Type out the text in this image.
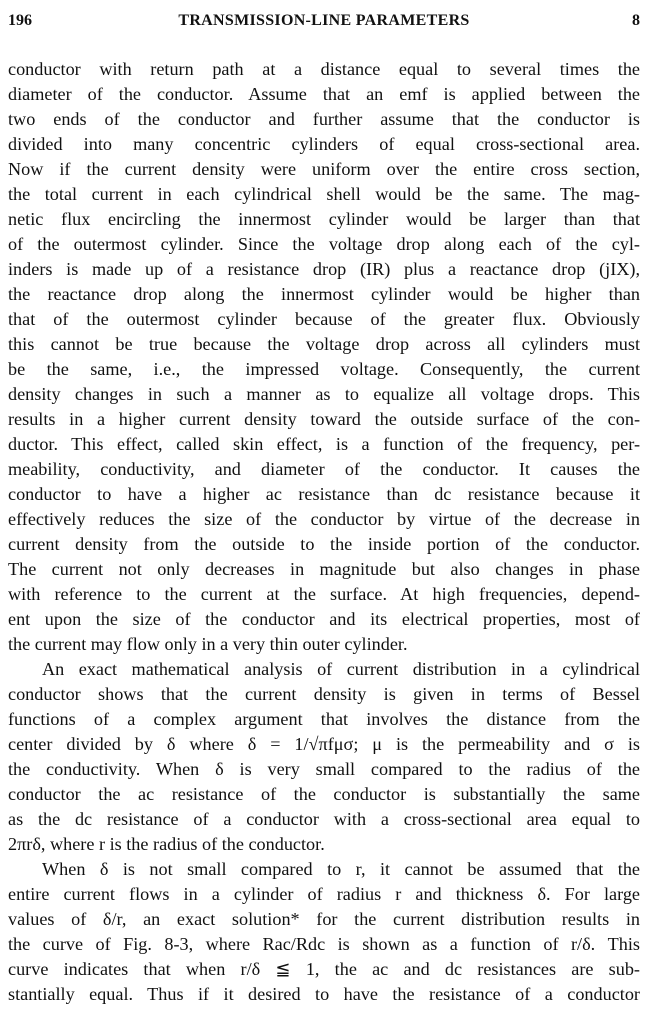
196	TRANSMISSION-LINE PARAMETERS	8
conductor with return path at a distance equal to several times the
diameter of the conductor. Assume that an emf is applied between the
two ends of the conductor and further assume that the conductor is
divided into many concentric cylinders of equal cross-sectional area.
Now if the current density were uniform over the entire cross section,
the total current in each cylindrical shell would be the same. The mag-
netic flux encircling the innermost cylinder would be larger than that
of the outermost cylinder. Since the voltage drop along each of the cyl-
inders is made up of a resistance drop (IR) plus a reactance drop (jIX),
the reactance drop along the innermost cylinder would be higher than
that of the outermost cylinder because of the greater flux. Obviously
this cannot be true because the voltage drop across all cylinders must
be the same, i.e., the impressed voltage. Consequently, the current
density changes in such a manner as to equalize all voltage drops. This
results in a higher current density toward the outside surface of the con-
ductor. This effect, called skin effect, is a function of the frequency, per-
meability, conductivity, and diameter of the conductor. It causes the
conductor to have a higher ac resistance than dc resistance because it
effectively reduces the size of the conductor by virtue of the decrease in
current density from the outside to the inside portion of the conductor.
The current not only decreases in magnitude but also changes in phase
with reference to the current at the surface. At high frequencies, depend-
ent upon the size of the conductor and its electrical properties, most of
the current may flow only in a very thin outer cylinder.
An exact mathematical analysis of current distribution in a cylindrical
conductor shows that the current density is given in terms of Bessel
functions of a complex argument that involves the distance from the
center divided by δ where δ = 1/√πfμσ; μ is the permeability and σ is
the conductivity. When δ is very small compared to the radius of the
conductor the ac resistance of the conductor is substantially the same
as the dc resistance of a conductor with a cross-sectional area equal to
2πrδ, where r is the radius of the conductor.
When δ is not small compared to r, it cannot be assumed that the
entire current flows in a cylinder of radius r and thickness δ. For large
values of δ/r, an exact solution* for the current distribution results in
the curve of Fig. 8-3, where Rac/Rdc is shown as a function of r/δ. This
curve indicates that when r/δ ≦ 1, the ac and dc resistances are sub-
stantially equal. Thus if it desired to have the resistance of a conductor
